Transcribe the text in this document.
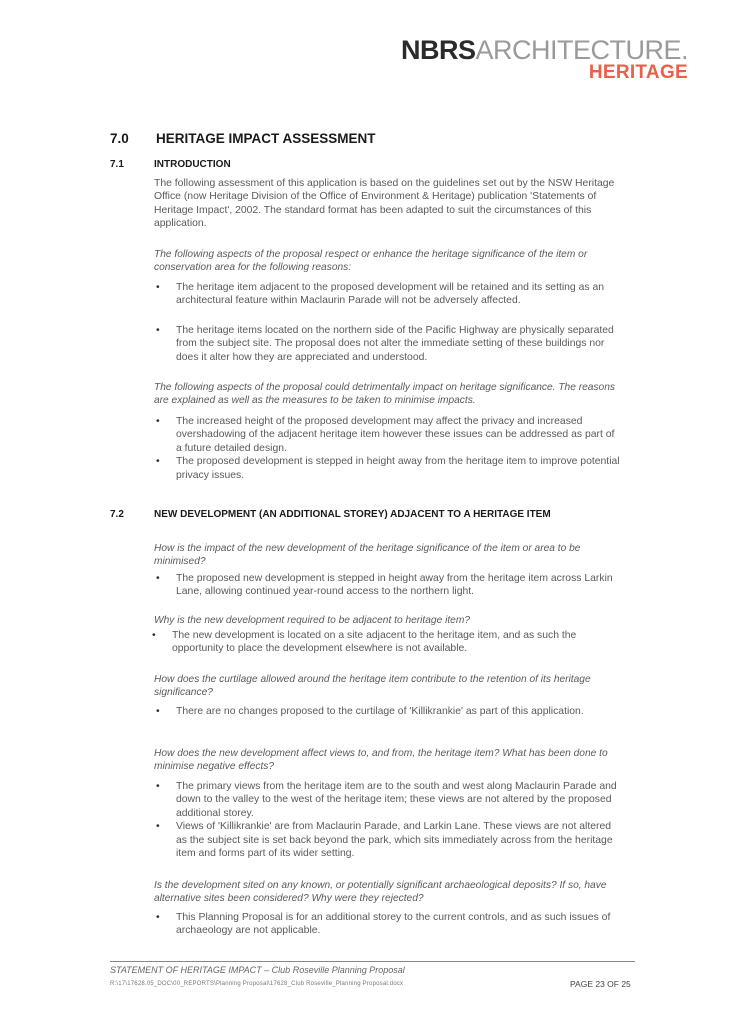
NBRSARCHITECTURE.
HERITAGE
7.0 HERITAGE IMPACT ASSESSMENT
7.1	INTRODUCTION
The following assessment of this application is based on the guidelines set out by the NSW Heritage Office (now Heritage Division of the Office of Environment & Heritage) publication 'Statements of Heritage Impact', 2002. The standard format has been adapted to suit the circumstances of this application.
The following aspects of the proposal respect or enhance the heritage significance of the item or conservation area for the following reasons:
• The heritage item adjacent to the proposed development will be retained and its setting as an architectural feature within Maclaurin Parade will not be adversely affected.
• The heritage items located on the northern side of the Pacific Highway are physically separated from the subject site. The proposal does not alter the immediate setting of these buildings nor does it alter how they are appreciated and understood.
The following aspects of the proposal could detrimentally impact on heritage significance. The reasons are explained as well as the measures to be taken to minimise impacts.
• The increased height of the proposed development may affect the privacy and increased overshadowing of the adjacent heritage item however these issues can be addressed as part of a future detailed design.
• The proposed development is stepped in height away from the heritage item to improve potential privacy issues.
7.2	NEW DEVELOPMENT (AN ADDITIONAL STOREY) ADJACENT TO A HERITAGE ITEM
How is the impact of the new development of the heritage significance of the item or area to be minimised?
• The proposed new development is stepped in height away from the heritage item across Larkin Lane, allowing continued year-round access to the northern light.
Why is the new development required to be adjacent to heritage item?
• The new development is located on a site adjacent to the heritage item, and as such the opportunity to place the development elsewhere is not available.
How does the curtilage allowed around the heritage item contribute to the retention of its heritage significance?
• There are no changes proposed to the curtilage of 'Killikrankie' as part of this application.
How does the new development affect views to, and from, the heritage item? What has been done to minimise negative effects?
• The primary views from the heritage item are to the south and west along Maclaurin Parade and down to the valley to the west of the heritage item; these views are not altered by the proposed additional storey.
• Views of 'Killikrankie' are from Maclaurin Parade, and Larkin Lane. These views are not altered as the subject site is set back beyond the park, which sits immediately across from the heritage item and forms part of its wider setting.
Is the development sited on any known, or potentially significant archaeological deposits? If so, have alternative sites been considered? Why were they rejected?
• This Planning Proposal is for an additional storey to the current controls, and as such issues of archaeology are not applicable.
STATEMENT OF HERITAGE IMPACT – Club Roseville Planning Proposal
R:\17\17628.05_DOC\00_REPORTS\Planning Proposal\17628_Club Roseville_Planning Proposal.docx	PAGE 23 OF 25
